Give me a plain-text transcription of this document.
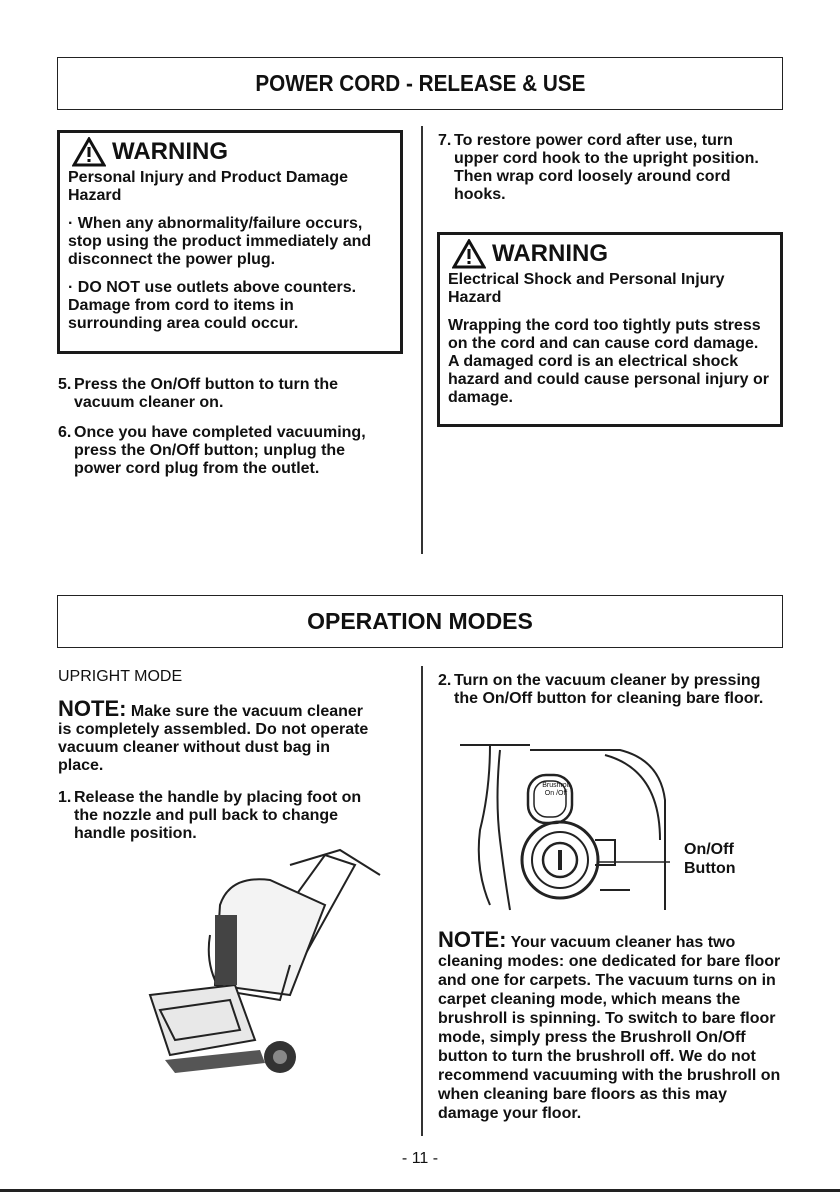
POWER CORD - RELEASE & USE
WARNING

Personal Injury and Product Damage Hazard

· When any abnormality/failure occurs, stop using the product immediately and disconnect the power plug.

· DO NOT use outlets above counters. Damage from cord to items in surrounding area could occur.

5. Press the On/Off button to turn the vacuum cleaner on.
6. Once you have completed vacuuming, press the On/Off button; unplug the power cord plug from the outlet.
7. To restore power cord after use, turn upper cord hook to the upright position. Then wrap cord loosely around cord hooks.
WARNING

Electrical Shock and Personal Injury Hazard

Wrapping the cord too tightly puts stress on the cord and can cause cord damage. A damaged cord is an electrical shock hazard and could cause personal injury or damage.

OPERATION MODES

UPRIGHT MODE

NOTE: Make sure the vacuum cleaner is completely assembled. Do not operate vacuum cleaner without dust bag in place.

1. Release the handle by placing foot on the nozzle and pull back to change handle position.
2. Turn on the vacuum cleaner by pressing the On/Off button for cleaning bare floor.
Brushroll
On /Off
On/Off
Button
NOTE: Your vacuum cleaner has two cleaning modes: one dedicated for bare floor and one for carpets. The vacuum turns on in carpet cleaning mode, which means the brushroll is spinning. To switch to bare floor mode, simply press the Brushroll On/Off button to turn the brushroll off. We do not recommend vacuuming with the brushroll on when cleaning bare floors as this may damage your floor.
- 11 -
